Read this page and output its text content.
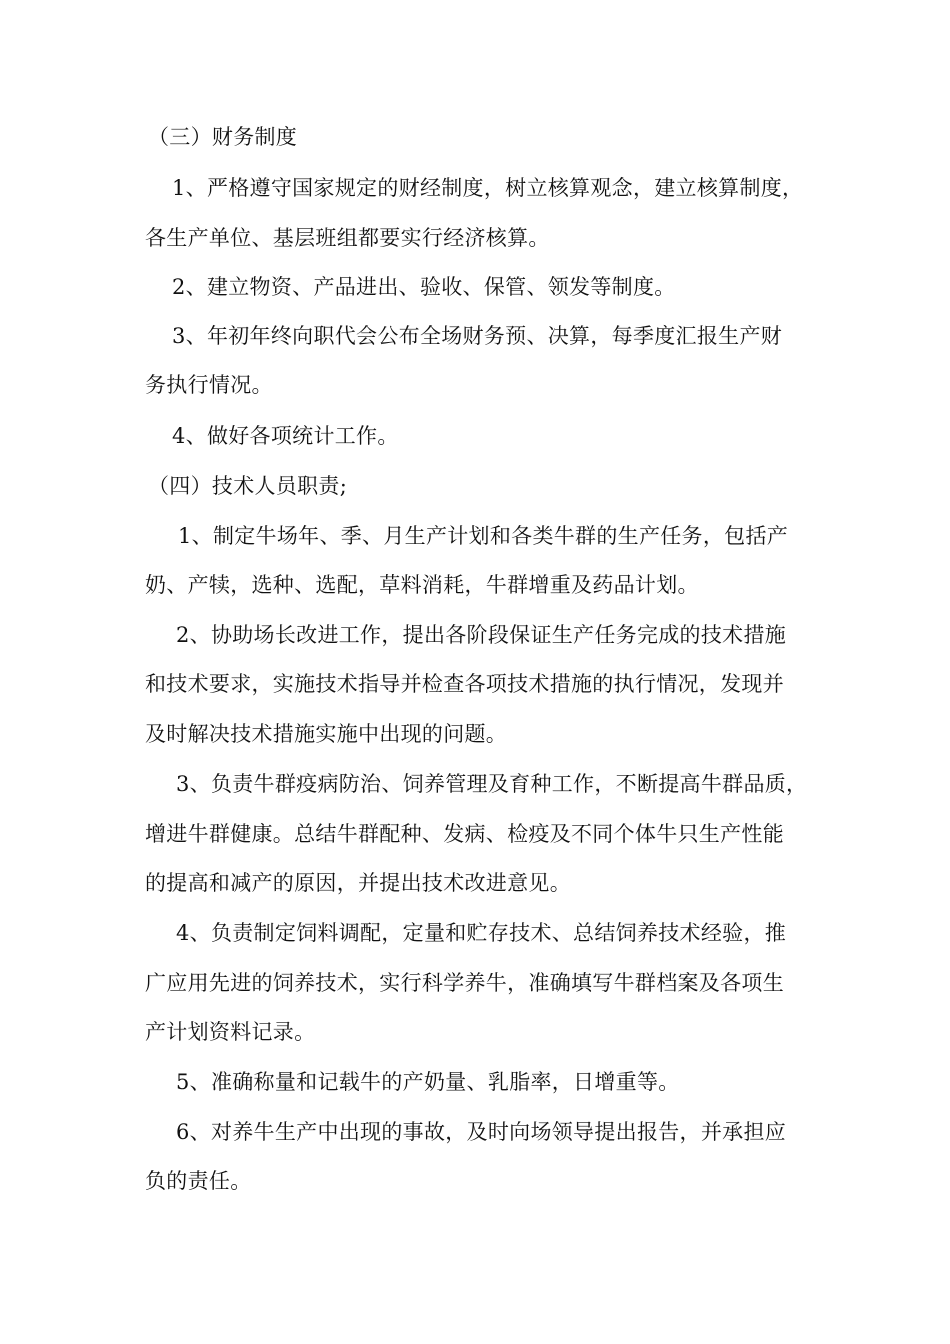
（三）财务制度
1、严格遵守国家规定的财经制度，树立核算观念，建立核算制度，
各生产单位、基层班组都要实行经济核算。
2、建立物资、产品进出、验收、保管、领发等制度。
3、年初年终向职代会公布全场财务预、决算，每季度汇报生产财
务执行情况。
4、做好各项统计工作。
（四）技术人员职责;
1、制定牛场年、季、月生产计划和各类牛群的生产任务，包括产
奶、产犊，选种、选配，草料消耗，牛群增重及药品计划。
2、协助场长改进工作，提出各阶段保证生产任务完成的技术措施
和技术要求，实施技术指导并检查各项技术措施的执行情况，发现并
及时解决技术措施实施中出现的问题。
3、负责牛群疫病防治、饲养管理及育种工作，不断提高牛群品质，
增进牛群健康。总结牛群配种、发病、检疫及不同个体牛只生产性能
的提高和减产的原因，并提出技术改进意见。
4、负责制定饲料调配，定量和贮存技术、总结饲养技术经验，推
广应用先进的饲养技术，实行科学养牛，准确填写牛群档案及各项生
产计划资料记录。
5、准确称量和记载牛的产奶量、乳脂率，日增重等。
6、对养牛生产中出现的事故，及时向场领导提出报告，并承担应
负的责任。
